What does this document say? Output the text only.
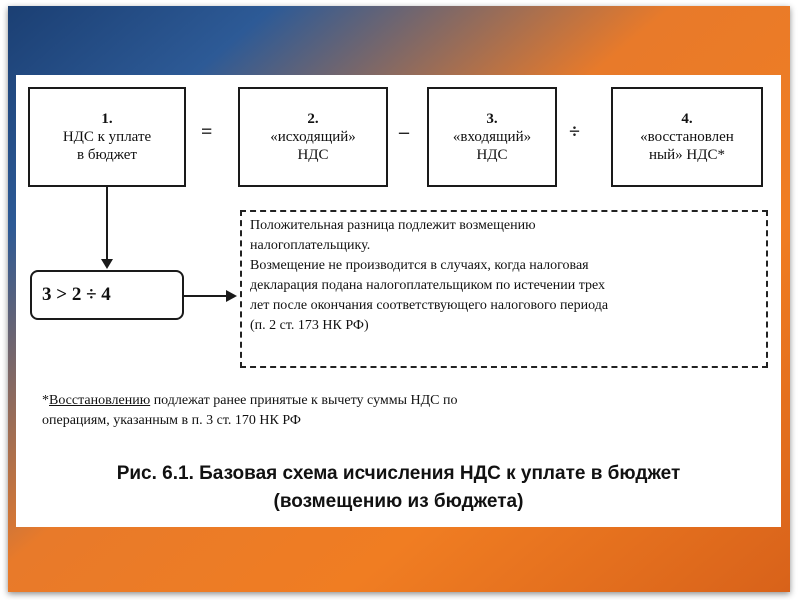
1.
НДС к уплате
в бюджет
=
2.
«исходящий»
НДС
–
3.
«входящий»
НДС
÷
4.
«восстановлен
ный» НДС*
3 > 2 ÷ 4

Положительная разница подлежит возмещению

налогоплательщику.

Возмещение не производится в случаях, когда налоговая

декларация подана налогоплательщиком по истечении трех

лет после окончания соответствующего налогового периода

(п. 2 ст. 173 НК РФ)

*Восстановлению подлежат ранее принятые к вычету суммы НДС по
операциям, указанным в п. 3 ст. 170 НК РФ
Рис. 6.1. Базовая схема исчисления НДС к уплате в бюджет
(возмещению из бюджета)
